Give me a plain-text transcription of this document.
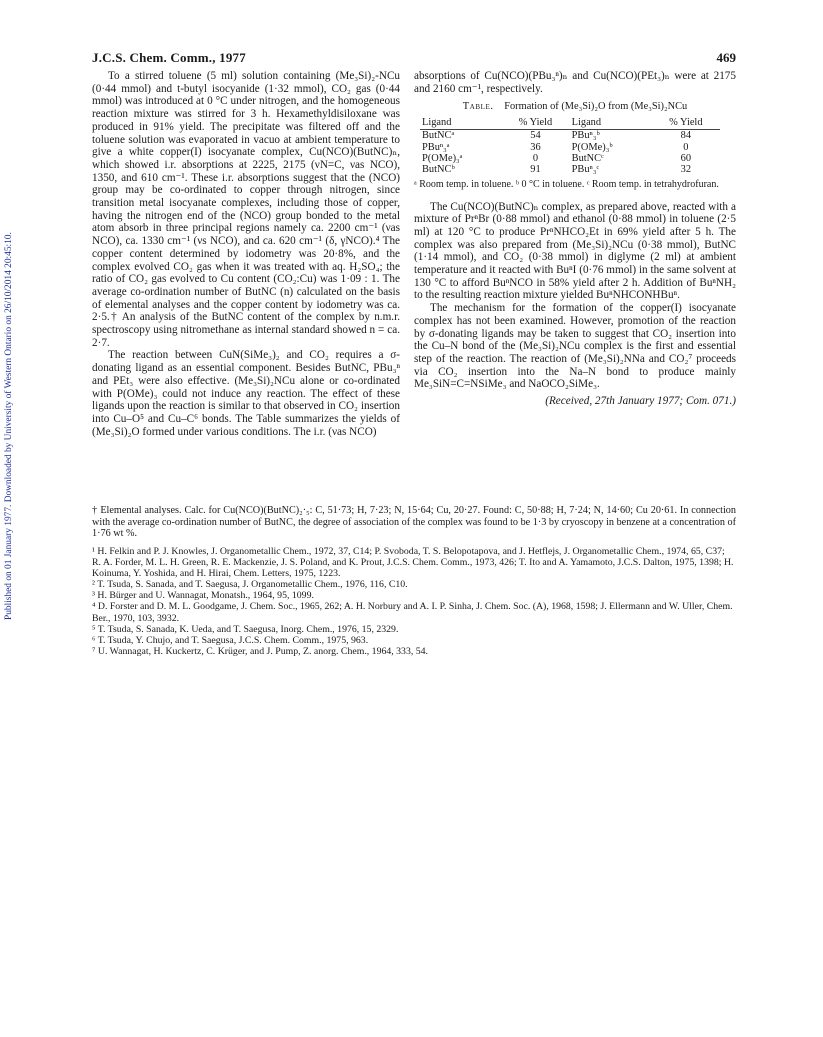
Published on 01 January 1977. Downloaded by University of Western Ontario on 26/10/2014 20:45:10.
J.C.S. Chem. Comm., 1977	469

To a stirred toluene (5 ml) solution containing (Me₃Si)₂-NCu (0·44 mmol) and t-butyl isocyanide (1·32 mmol), CO₂ gas (0·44 mmol) was introduced at 0 °C under nitrogen, and the homogeneous reaction mixture was stirred for 3 h. Hexamethyldisiloxane was produced in 91% yield. The precipitate was filtered off and the toluene solution was evaporated in vacuo at ambient temperature to give a white copper(I) isocyanate complex, Cu(NCO)(ButNC)ₙ, which showed i.r. absorptions at 2225, 2175 (νN=C, νas NCO), 1350, and 610 cm⁻¹. These i.r. absorptions suggest that the (NCO) group may be co-ordinated to copper through nitrogen, since transition metal isocyanate complexes, including those of copper, having the nitrogen end of the (NCO) group bonded to the metal atom absorb in three principal regions namely ca. 2200 cm⁻¹ (νas NCO), ca. 1330 cm⁻¹ (νs NCO), and ca. 620 cm⁻¹ (δ, γNCO).⁴ The copper content determined by iodometry was 20·8%, and the complex evolved CO₂ gas when it was treated with aq. H₂SO₄; the ratio of CO₂ gas evolved to Cu content (CO₂:Cu) was 1·09 : 1. The average co-ordination number of ButNC (n) calculated on the basis of elemental analyses and the copper content by iodometry was ca. 2·5.† An analysis of the ButNC content of the complex by n.m.r. spectroscopy using nitromethane as internal standard showed n = ca. 2·7.

The reaction between CuN(SiMe₃)₂ and CO₂ requires a σ-donating ligand as an essential component. Besides ButNC, PBu₃ⁿ and PEt₃ were also effective. (Me₃Si)₂NCu alone or co-ordinated with P(OMe)₃ could not induce any reaction. The effect of these ligands upon the reaction is similar to that observed in CO₂ insertion into Cu–O⁵ and Cu–C⁶ bonds. The Table summarizes the yields of (Me₃Si)₂O formed under various conditions. The i.r. (νas NCO)

absorptions of Cu(NCO)(PBu₃ⁿ)ₙ and Cu(NCO)(PEt₃)ₙ were at 2175 and 2160 cm⁻¹, respectively.

Table. Formation of (Me₃Si)₂O from (Me₃Si)₂NCu
Ligand	% Yield	Ligand	% Yield
ButNCᵃ	54	PBuⁿ₃ᵇ	84
PBuⁿ₃ᵃ	36	P(OMe)₃ᵇ	0
P(OMe)₃ᵃ	0	ButNCᶜ	60
ButNCᵇ	91	PBuⁿ₃ᶜ	32
ᵃ Room temp. in toluene. ᵇ 0 °C in toluene. ᶜ Room temp. in tetrahydrofuran.

The Cu(NCO)(ButNC)ₙ complex, as prepared above, reacted with a mixture of PrⁿBr (0·88 mmol) and ethanol (0·88 mmol) in toluene (2·5 ml) at 120 °C to produce PrⁿNHCO₂Et in 69% yield after 5 h. The complex was also prepared from (Me₃Si)₂NCu (0·38 mmol), ButNC (1·14 mmol), and CO₂ (0·38 mmol) in diglyme (2 ml) at ambient temperature and it reacted with BuⁿI (0·76 mmol) in the same solvent at 130 °C to afford BuⁿNCO in 58% yield after 2 h. Addition of BuⁿNH₂ to the resulting reaction mixture yielded BuⁿNHCONHBuⁿ.

The mechanism for the formation of the copper(I) isocyanate complex has not been examined. However, promotion of the reaction by σ-donating ligands may be taken to suggest that CO₂ insertion into the Cu–N bond of the (Me₃Si)₂NCu complex is the first and essential step of the reaction. The reaction of (Me₃Si)₂NNa and CO₂⁷ proceeds via CO₂ insertion into the Na–N bond to produce mainly Me₃SiN=C=NSiMe₃ and NaOCO₂SiMe₃.

(Received, 27th January 1977; Com. 071.)
† Elemental analyses. Calc. for Cu(NCO)(ButNC)₂·₅: C, 51·73; H, 7·23; N, 15·64; Cu, 20·27. Found: C, 50·88; H, 7·24; N, 14·60; Cu 20·61. In connection with the average co-ordination number of ButNC, the degree of association of the complex was found to be 1·3 by cryoscopy in benzene at a concentration of 1·76 wt %.
¹ H. Felkin and P. J. Knowles, J. Organometallic Chem., 1972, 37, C14; P. Svoboda, T. S. Belopotapova, and J. Hetflejs, J. Organometallic Chem., 1974, 65, C37; R. A. Forder, M. L. H. Green, R. E. Mackenzie, J. S. Poland, and K. Prout, J.C.S. Chem. Comm., 1973, 426; T. Ito and A. Yamamoto, J.C.S. Dalton, 1975, 1398; H. Koinuma, Y. Yoshida, and H. Hirai, Chem. Letters, 1975, 1223.
² T. Tsuda, S. Sanada, and T. Saegusa, J. Organometallic Chem., 1976, 116, C10.
³ H. Bürger and U. Wannagat, Monatsh., 1964, 95, 1099.
⁴ D. Forster and D. M. L. Goodgame, J. Chem. Soc., 1965, 262; A. H. Norbury and A. I. P. Sinha, J. Chem. Soc. (A), 1968, 1598; J. Ellermann and W. Uller, Chem. Ber., 1970, 103, 3932.
⁵ T. Tsuda, S. Sanada, K. Ueda, and T. Saegusa, Inorg. Chem., 1976, 15, 2329.
⁶ T. Tsuda, Y. Chujo, and T. Saegusa, J.C.S. Chem. Comm., 1975, 963.
⁷ U. Wannagat, H. Kuckertz, C. Krüger, and J. Pump, Z. anorg. Chem., 1964, 333, 54.
